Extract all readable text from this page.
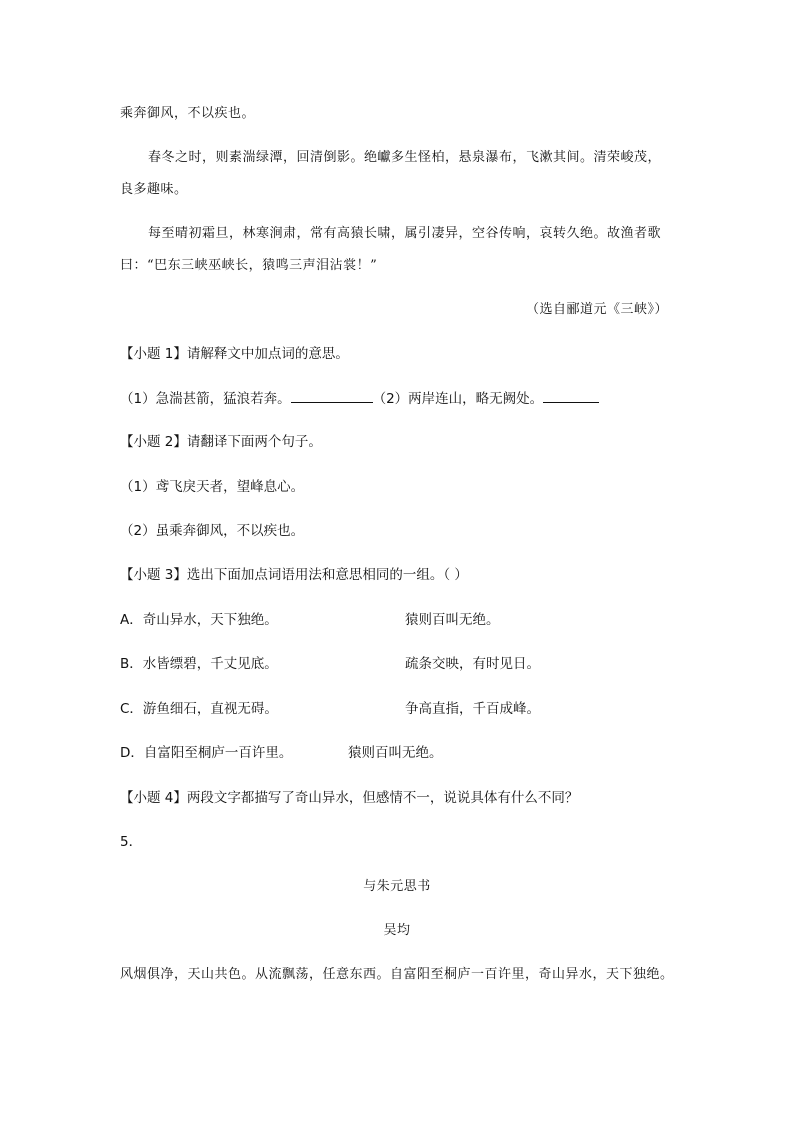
乘奔御风，不以疾也。
春冬之时，则素湍绿潭，回清倒影。绝巘多生怪柏，悬泉瀑布，飞漱其间。清荣峻茂，
良多趣味。
每至晴初霜旦，林寒涧肃，常有高猿长啸，属引凄异，空谷传响，哀转久绝。故渔者歌
曰：“巴东三峡巫峡长，猿鸣三声泪沾裳！”
（选自郦道元《三峡》）
【小题 1】请解释文中加点词的意思。
（1）急湍甚箭，猛浪若奔。	（2）两岸连山，略无阙处。
【小题 2】请翻译下面两个句子。
（1）鸢飞戾天者，望峰息心。
（2）虽乘奔御风，不以疾也。
【小题 3】选出下面加点词语用法和意思相同的一组。（ ）
A．奇山异水，天下独绝。	猿则百叫无绝。
B．水皆缥碧，千丈见底。	疏条交映，有时见日。
C．游鱼细石，直视无碍。	争高直指，千百成峰。
D．自富阳至桐庐一百许里。	猿则百叫无绝。
【小题 4】两段文字都描写了奇山异水，但感情不一，说说具体有什么不同？
5．
与朱元思书
吴均
风烟俱净，天山共色。从流飘荡，任意东西。自富阳至桐庐一百许里，奇山异水，天下独绝。
